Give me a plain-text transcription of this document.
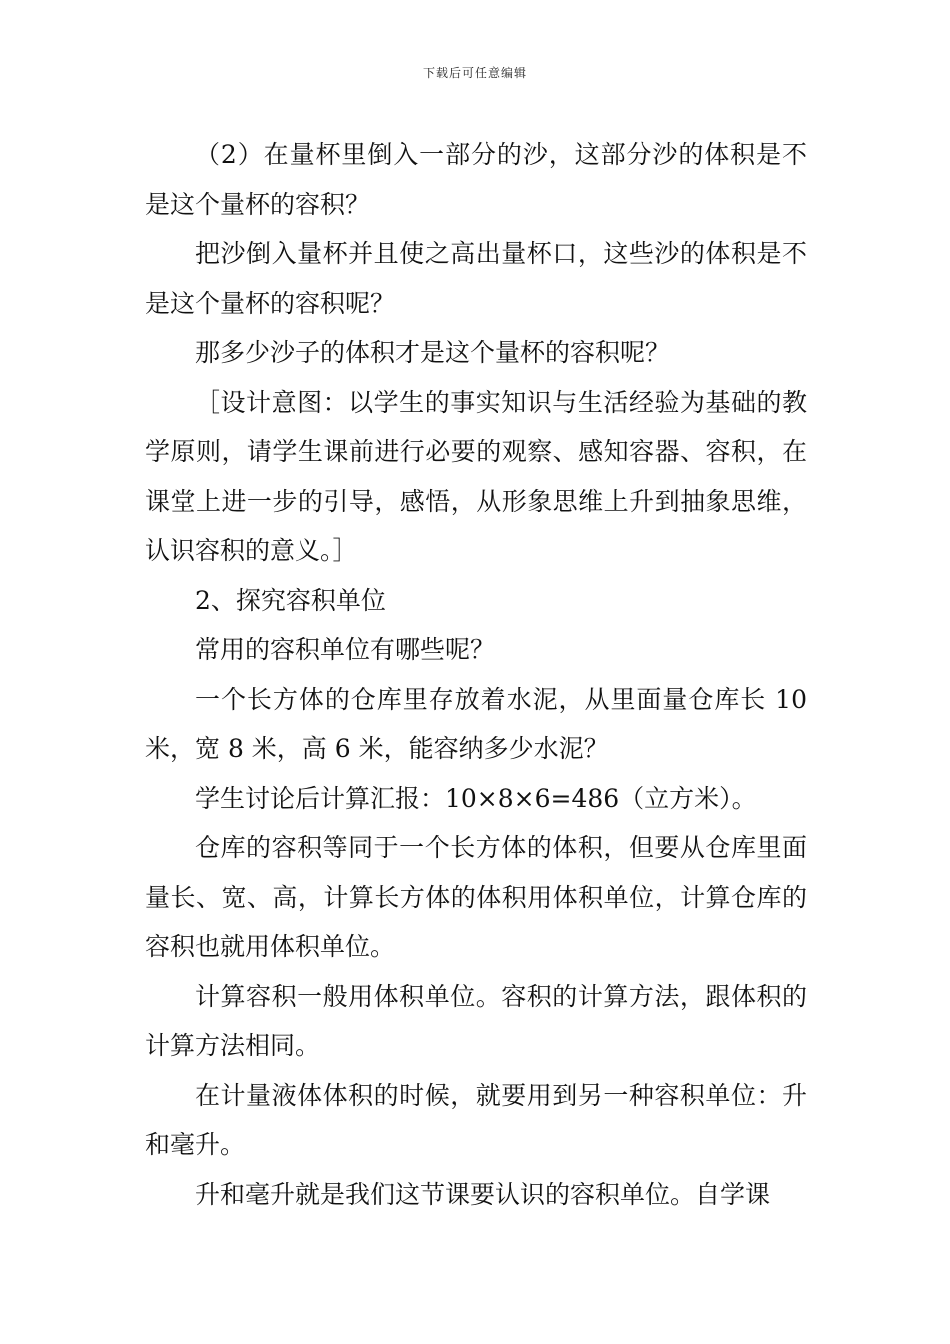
下载后可任意编辑

（2）在量杯里倒入一部分的沙，这部分沙的体积是不是这个量杯的容积？

把沙倒入量杯并且使之高出量杯口，这些沙的体积是不是这个量杯的容积呢？

那多少沙子的体积才是这个量杯的容积呢？

［设计意图：以学生的事实知识与生活经验为基础的教学原则，请学生课前进行必要的观察、感知容器、容积，在课堂上进一步的引导，感悟，从形象思维上升到抽象思维，认识容积的意义。］

2、探究容积单位

常用的容积单位有哪些呢？

一个长方体的仓库里存放着水泥，从里面量仓库长 10 米，宽 8 米，高 6 米，能容纳多少水泥？

学生讨论后计算汇报：10×8×6=486（立方米）。

仓库的容积等同于一个长方体的体积，但要从仓库里面量长、宽、高，计算长方体的体积用体积单位，计算仓库的容积也就用体积单位。

计算容积一般用体积单位。容积的计算方法，跟体积的计算方法相同。

在计量液体体积的时候，就要用到另一种容积单位：升和毫升。

升和毫升就是我们这节课要认识的容积单位。自学课
